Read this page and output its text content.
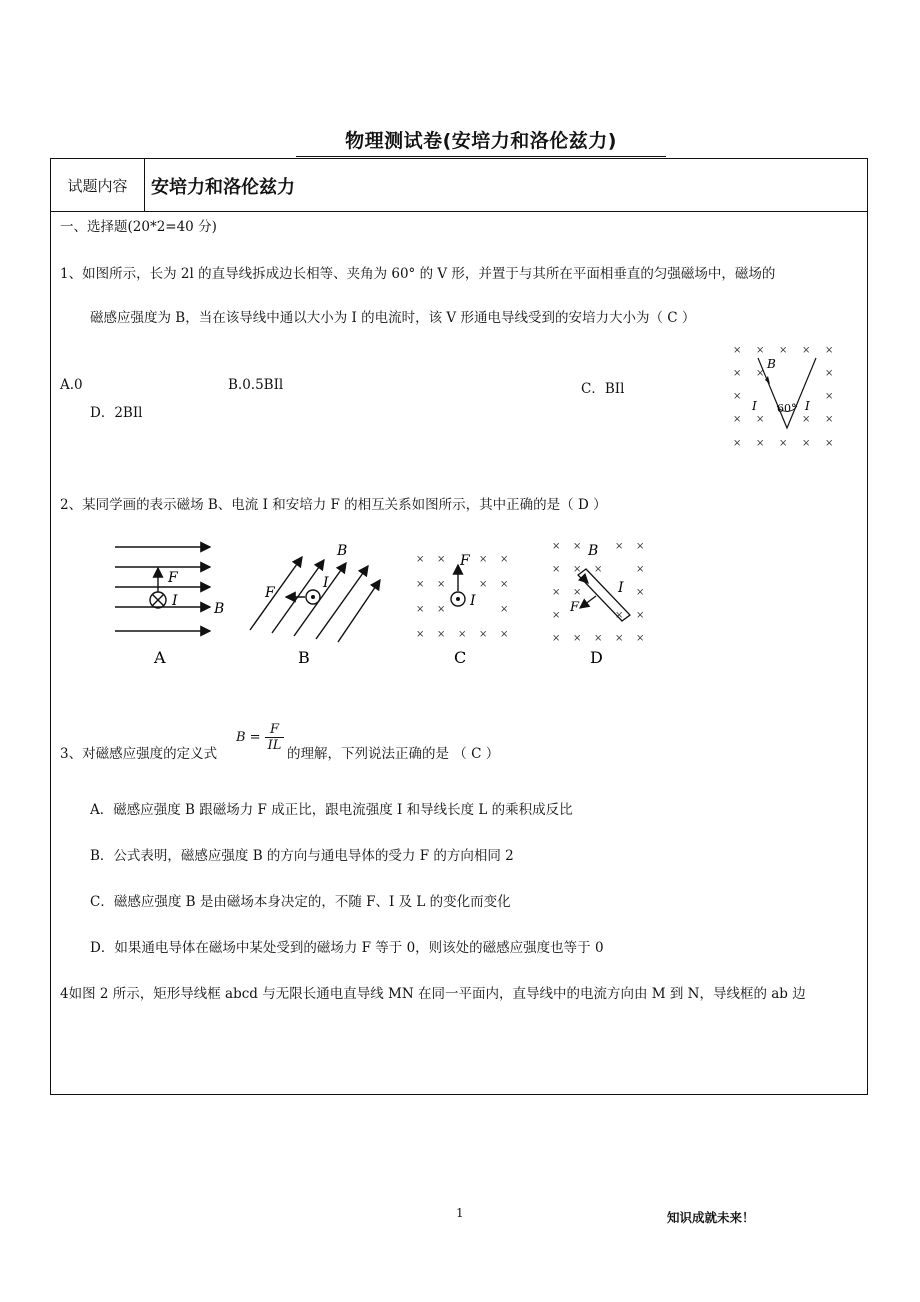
物理测试卷(安培力和洛伦兹力)
试题内容	安培力和洛伦兹力
一、选择题(20*2=40 分)
1、如图所示，长为 2l 的直导线拆成边长相等、夹角为 60° 的 V 形，并置于与其所在平面相垂直的匀强磁场中，磁场的
磁感应强度为 B，当在该导线中通以大小为 I 的电流时，该 V 形通电导线受到的安培力大小为（ C ）
A.0	B.0.5BIl	C．BIl
D．2BIl
× × × × ×
× ×	×
×	×
× ×	× ×
× × × × ×
B
I	I
60°
2、某同学画的表示磁场 B、电流 I 和安培力 F 的相互关系如图所示，其中正确的是（ D ）
F
I	B
A
B
F
I
B
× ×	× ×
× ×	× ×
× ×	×
× × × × ×
F
I
C
× ×	× ×
× × ×	×
× ×	×
×	× ×
× × × × ×
B
I
F
D
3、对磁感应强度的定义式
$B = \frac{F}{IL}$
的理解，下列说法正确的是 （ C ）
A．磁感应强度 B 跟磁场力 F 成正比，跟电流强度 I 和导线长度 L 的乘积成反比
B．公式表明，磁感应强度 B 的方向与通电导体的受力 F 的方向相同 2
C．磁感应强度 B 是由磁场本身决定的，不随 F、I 及 L 的变化而变化
D．如果通电导体在磁场中某处受到的磁场力 F 等于 0，则该处的磁感应强度也等于 0
4如图 2 所示，矩形导线框 abcd 与无限长通电直导线 MN 在同一平面内，直导线中的电流方向由 M 到 N，导线框的 ab 边
1	知识成就未来！
